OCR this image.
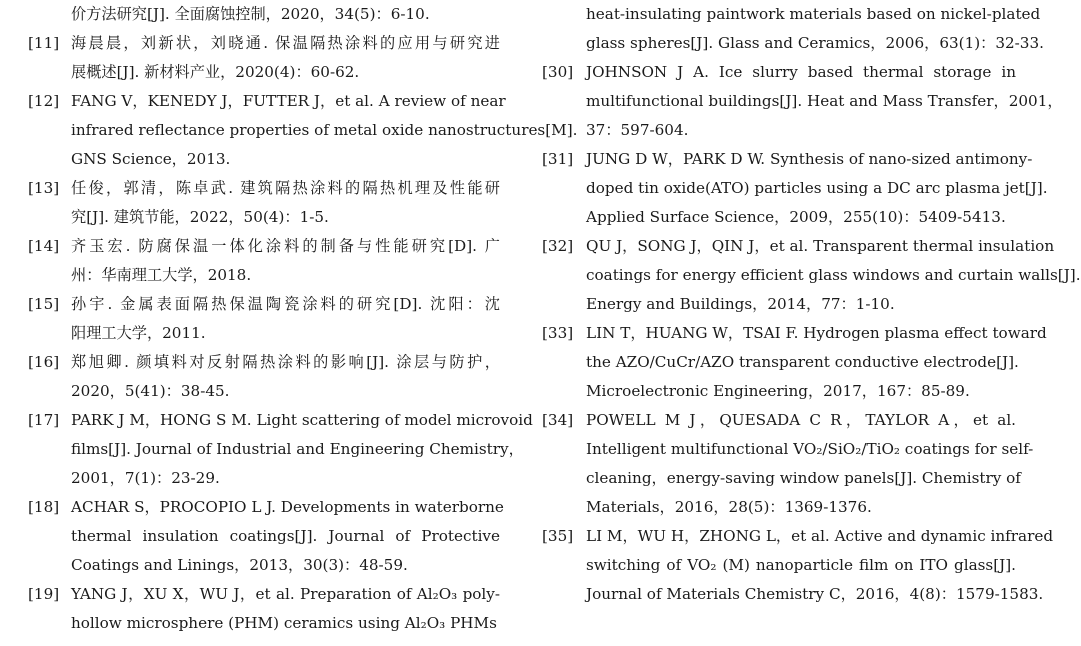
价方法研究[J]. 全面腐蚀控制，2020，34(5)：6-10.
[11] 海晨晨，刘新状，刘晓通. 保温隔热涂料的应用与研究进
展概述[J]. 新材料产业，2020(4)：60-62.
[12] FANG V，KENEDY J，FUTTER J，et al. A review of near
infrared reflectance properties of metal oxide nanostructures[M].
GNS Science，2013.
[13] 任俊，郭清，陈卓武. 建筑隔热涂料的隔热机理及性能研
究[J]. 建筑节能，2022，50(4)：1-5.
[14] 齐玉宏. 防腐保温一体化涂料的制备与性能研究[D]. 广
州：华南理工大学，2018.
[15] 孙宇. 金属表面隔热保温陶瓷涂料的研究[D]. 沈阳：沈
阳理工大学，2011.
[16] 郑旭卿. 颜填料对反射隔热涂料的影响[J]. 涂层与防护，
2020，5(41)：38-45.
[17] PARK J M，HONG S M. Light scattering of model microvoid
films[J]. Journal of Industrial and Engineering Chemistry，
2001，7(1)：23-29.
[18] ACHAR S，PROCOPIO L J. Developments in waterborne
thermal insulation coatings[J]. Journal of Protective
Coatings and Linings，2013，30(3)：48-59.
[19] YANG J，XU X，WU J，et al. Preparation of Al₂O₃ poly-
hollow microsphere (PHM) ceramics using Al₂O₃ PHMs
heat-insulating paintwork materials based on nickel-plated
glass spheres[J]. Glass and Ceramics，2006，63(1)：32-33.
[30] JOHNSON J A. Ice slurry based thermal storage in
multifunctional buildings[J]. Heat and Mass Transfer，2001，
37：597-604.
[31] JUNG D W，PARK D W. Synthesis of nano-sized antimony-
doped tin oxide(ATO) particles using a DC arc plasma jet[J].
Applied Surface Science，2009，255(10)：5409-5413.
[32] QU J，SONG J，QIN J，et al. Transparent thermal insulation
coatings for energy efficient glass windows and curtain walls[J].
Energy and Buildings，2014，77：1-10.
[33] LIN T，HUANG W，TSAI F. Hydrogen plasma effect toward
the AZO/CuCr/AZO transparent conductive electrode[J].
Microelectronic Engineering，2017，167：85-89.
[34] POWELL M J，QUESADA C R，TAYLOR A，et al.
Intelligent multifunctional VO₂/SiO₂/TiO₂ coatings for self-
cleaning，energy-saving window panels[J]. Chemistry of
Materials，2016，28(5)：1369-1376.
[35] LI M，WU H，ZHONG L，et al. Active and dynamic infrared
switching of VO₂ (M) nanoparticle film on ITO glass[J].
Journal of Materials Chemistry C，2016，4(8)：1579-1583.
